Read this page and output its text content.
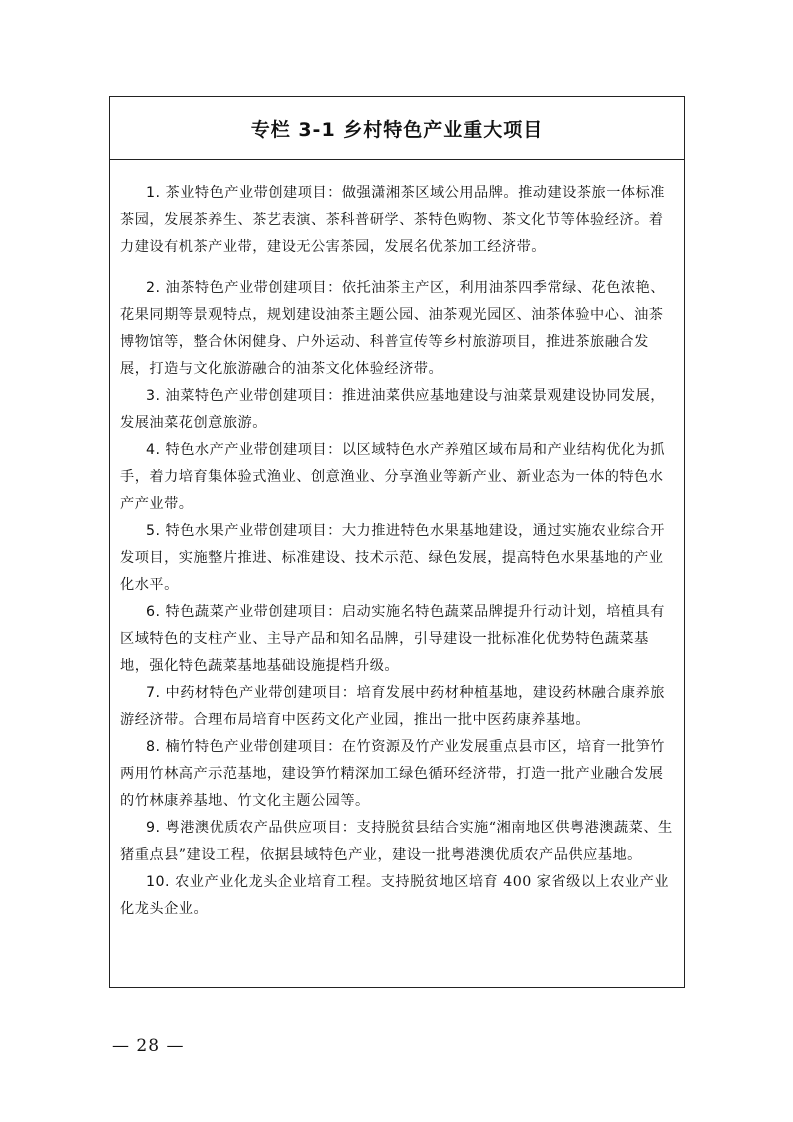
专栏 3-1 乡村特色产业重大项目

1. 茶业特色产业带创建项目：做强潇湘茶区域公用品牌。推动建设茶旅一体标准茶园，发展茶养生、茶艺表演、茶科普研学、茶特色购物、茶文化节等体验经济。着力建设有机茶产业带，建设无公害茶园，发展名优茶加工经济带。

2. 油茶特色产业带创建项目：依托油茶主产区，利用油茶四季常绿、花色浓艳、花果同期等景观特点，规划建设油茶主题公园、油茶观光园区、油茶体验中心、油茶博物馆等，整合休闲健身、户外运动、科普宣传等乡村旅游项目，推进茶旅融合发展，打造与文化旅游融合的油茶文化体验经济带。

3. 油菜特色产业带创建项目：推进油菜供应基地建设与油菜景观建设协同发展，发展油菜花创意旅游。

4. 特色水产产业带创建项目：以区域特色水产养殖区域布局和产业结构优化为抓手，着力培育集体验式渔业、创意渔业、分享渔业等新产业、新业态为一体的特色水产产业带。

5. 特色水果产业带创建项目：大力推进特色水果基地建设，通过实施农业综合开发项目，实施整片推进、标准建设、技术示范、绿色发展，提高特色水果基地的产业化水平。

6. 特色蔬菜产业带创建项目：启动实施名特色蔬菜品牌提升行动计划，培植具有区域特色的支柱产业、主导产品和知名品牌，引导建设一批标准化优势特色蔬菜基地，强化特色蔬菜基地基础设施提档升级。

7. 中药材特色产业带创建项目：培育发展中药材种植基地，建设药林融合康养旅游经济带。合理布局培育中医药文化产业园，推出一批中医药康养基地。

8. 楠竹特色产业带创建项目：在竹资源及竹产业发展重点县市区，培育一批笋竹两用竹林高产示范基地，建设笋竹精深加工绿色循环经济带，打造一批产业融合发展的竹林康养基地、竹文化主题公园等。

9. 粤港澳优质农产品供应项目：支持脱贫县结合实施“湘南地区供粤港澳蔬菜、生猪重点县”建设工程，依据县域特色产业，建设一批粤港澳优质农产品供应基地。

10. 农业产业化龙头企业培育工程。支持脱贫地区培育 400 家省级以上农业产业化龙头企业。

— 28 —
